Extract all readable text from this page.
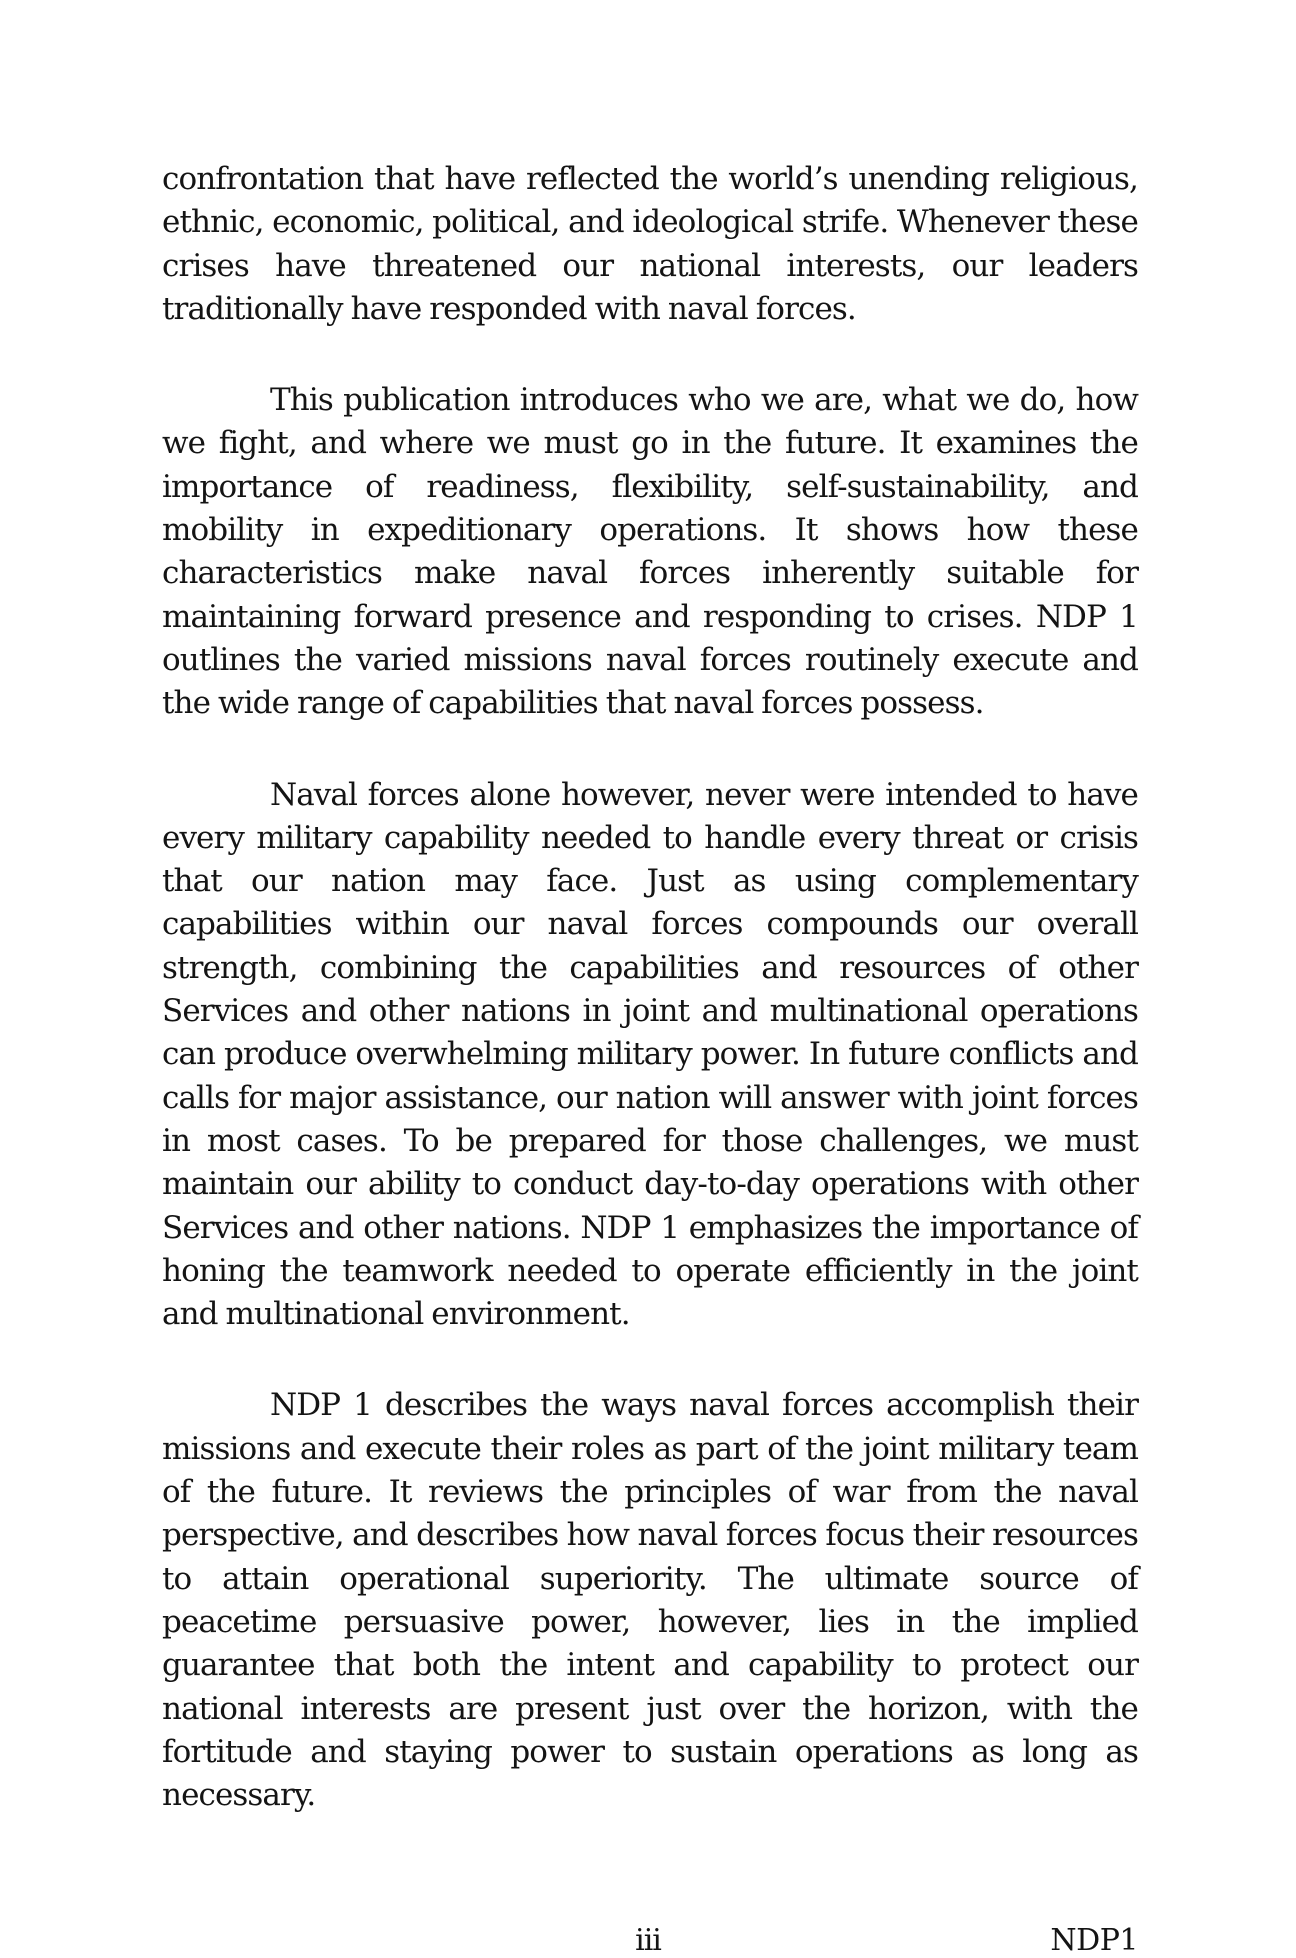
confrontation that have reflected the world’s unending religious, ethnic, economic, political, and ideological strife. Whenever these crises have threatened our national interests, our leaders traditionally have responded with naval forces.

This publication introduces who we are, what we do, how we fight, and where we must go in the future. It examines the importance of readiness, flexibility, self-sustainability, and mobility in expeditionary operations. It shows how these characteristics make naval forces inherently suitable for maintaining forward presence and responding to crises. NDP 1 outlines the varied missions naval forces routinely execute and the wide range of capabilities that naval forces possess.

Naval forces alone however, never were intended to have every military capability needed to handle every threat or crisis that our nation may face. Just as using complementary capabilities within our naval forces compounds our overall strength, combining the capabilities and resources of other Services and other nations in joint and multinational operations can produce overwhelming military power. In future conflicts and calls for major assistance, our nation will answer with joint forces in most cases. To be prepared for those challenges, we must maintain our ability to conduct day-to-day operations with other Services and other nations. NDP 1 emphasizes the importance of honing the teamwork needed to operate efficiently in the joint and multinational environment.

NDP 1 describes the ways naval forces accomplish their missions and execute their roles as part of the joint military team of the future. It reviews the principles of war from the naval perspective, and describes how naval forces focus their resources to attain operational superiority. The ultimate source of peacetime persuasive power, however, lies in the implied guarantee that both the intent and capability to protect our national interests are present just over the horizon, with the fortitude and staying power to sustain operations as long as necessary.

iii	NDP1
